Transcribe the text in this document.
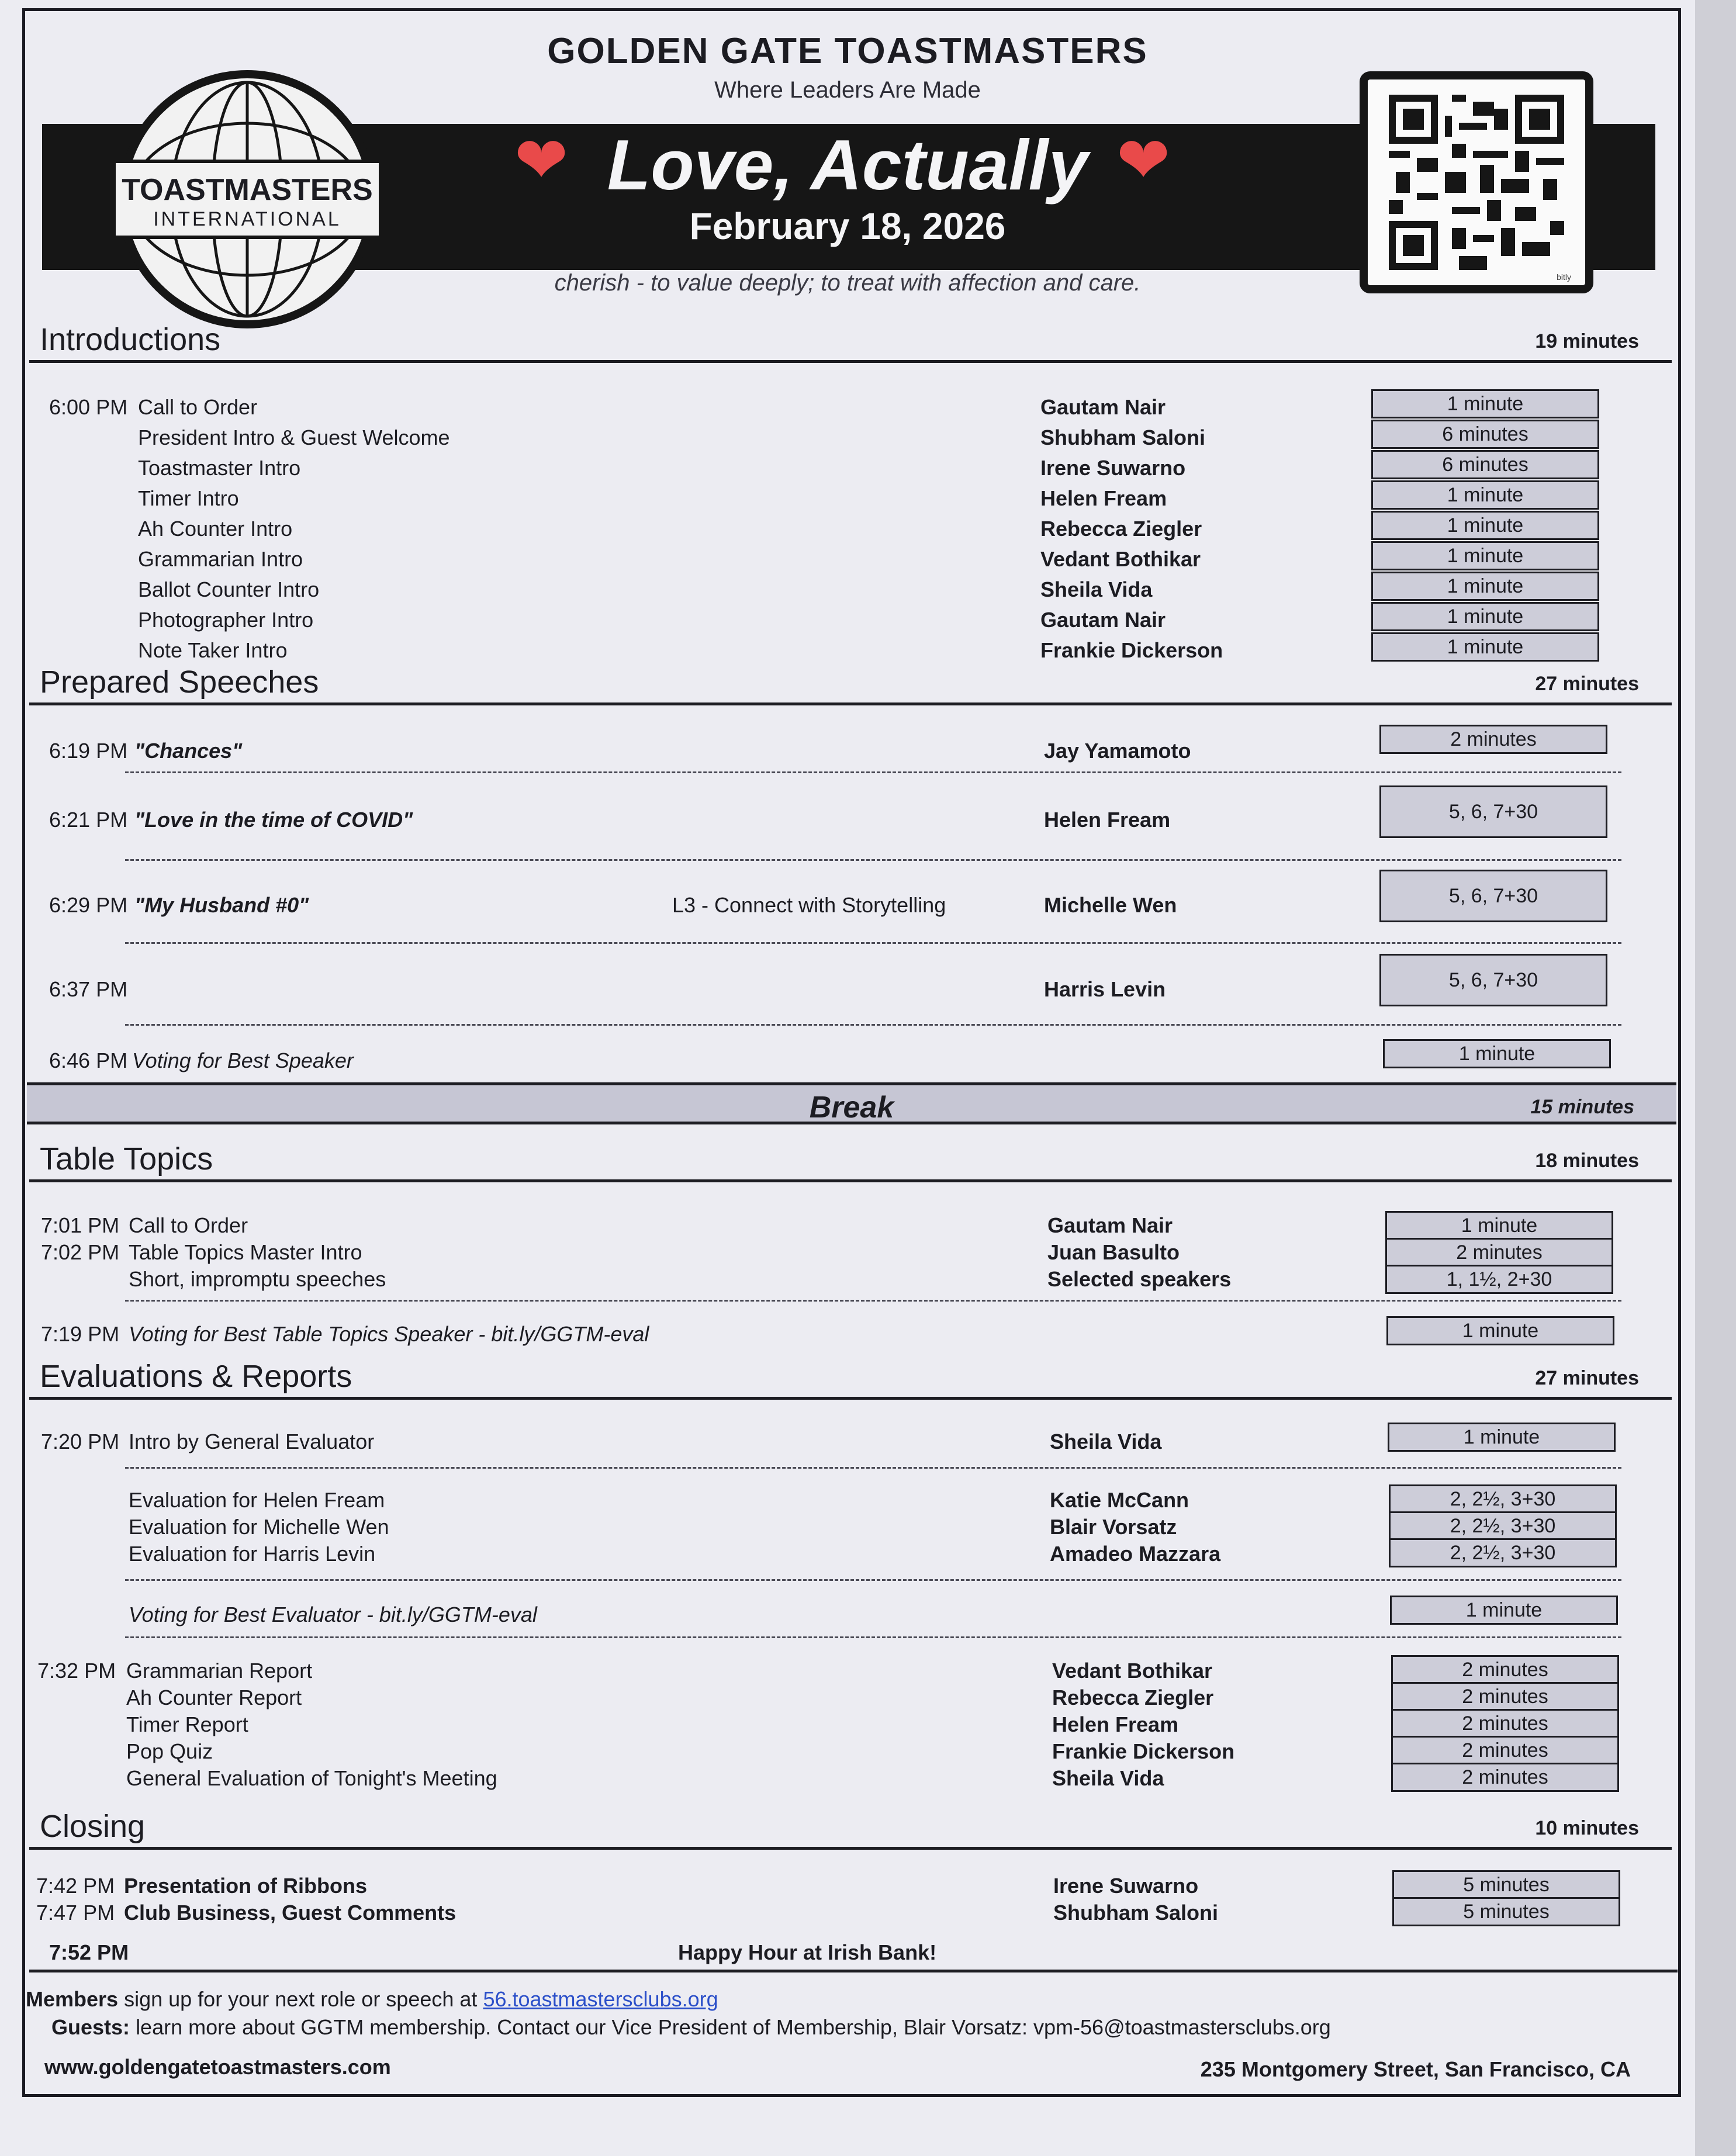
GOLDEN GATE TOASTMASTERS
Where Leaders Are Made
❤	❤
Love, Actually
February 18, 2026
cherish - to value deeply; to treat with affection and care.
TOASTMASTERS
INTERNATIONAL
bitly
Introductions	19 minutes
6:00 PM Call to Order	Gautam Nair	1 minute
President Intro & Guest Welcome	Shubham Saloni	6 minutes
Toastmaster Intro	Irene Suwarno	6 minutes
Timer Intro	Helen Fream	1 minute
Ah Counter Intro	Rebecca Ziegler	1 minute
Grammarian Intro	Vedant Bothikar	1 minute
Ballot Counter Intro	Sheila Vida	1 minute
Photographer Intro	Gautam Nair	1 minute
Note Taker Intro	Frankie Dickerson	1 minute
Prepared Speeches	27 minutes
6:19 PM "Chances"	Jay Yamamoto	2 minutes
6:21 PM "Love in the time of COVID"	Helen Fream	5, 6, 7+30
6:29 PM "My Husband #0"	L3 - Connect with Storytelling	Michelle Wen	5, 6, 7+30
6:37 PM	Harris Levin	5, 6, 7+30
6:46 PM Voting for Best Speaker	1 minute
Break	15 minutes
Table Topics	18 minutes
7:01 PM Call to Order	Gautam Nair	1 minute
7:02 PM Table Topics Master Intro	Juan Basulto	2 minutes
Short, impromptu speeches	Selected speakers	1, 1½, 2+30
7:19 PM Voting for Best Table Topics Speaker - bit.ly/GGTM-eval	1 minute
Evaluations & Reports	27 minutes
7:20 PM Intro by General Evaluator	Sheila Vida	1 minute
Evaluation for Helen Fream	Katie McCann	2, 2½, 3+30
Evaluation for Michelle Wen	Blair Vorsatz	2, 2½, 3+30
Evaluation for Harris Levin	Amadeo Mazzara	2, 2½, 3+30
Voting for Best Evaluator - bit.ly/GGTM-eval	1 minute
7:32 PM Grammarian Report	Vedant Bothikar	2 minutes
Ah Counter Report	Rebecca Ziegler	2 minutes
Timer Report	Helen Fream	2 minutes
Pop Quiz	Frankie Dickerson	2 minutes
General Evaluation of Tonight's Meeting	Sheila Vida	2 minutes
Closing	10 minutes
7:42 PM Presentation of Ribbons	Irene Suwarno	5 minutes
7:47 PM Club Business, Guest Comments	Shubham Saloni	5 minutes
7:52 PM	Happy Hour at Irish Bank!
Members sign up for your next role or speech at 56.toastmastersclubs.org
Guests: learn more about GGTM membership. Contact our Vice President of Membership, Blair Vorsatz: vpm-56@toastmastersclubs.org
www.goldengatetoastmasters.com	235 Montgomery Street, San Francisco, CA
